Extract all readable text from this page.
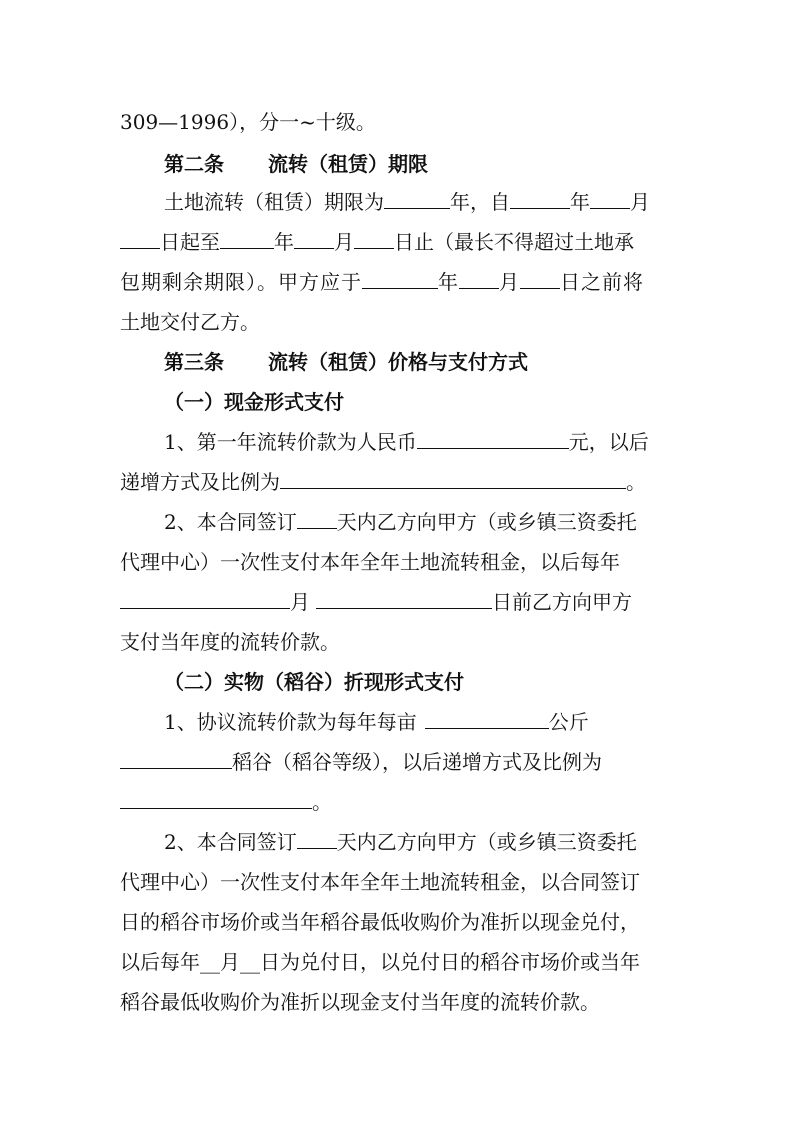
309—1996），分一~十级。
第二条 流转（租赁）期限
土地流转（租赁）期限为	年，自	年 月
日起至	年 月 日止（最长不得超过土地承
包期剩余期限）。甲方应于	年 月 日之前将
土地交付乙方。
第三条 流转（租赁）价格与支付方式
（一）现金形式支付
1、第一年流转价款为人民币	元，以后
递增方式及比例为	。
2、本合同签订 天内乙方向甲方（或乡镇三资委托
代理中心）一次性支付本年全年土地流转租金，以后每年
月	日前乙方向甲方
支付当年度的流转价款。
（二）实物（稻谷）折现形式支付
1、协议流转价款为每年每亩	公斤
稻谷（稻谷等级），以后递增方式及比例为
。
2、本合同签订 天内乙方向甲方（或乡镇三资委托
代理中心）一次性支付本年全年土地流转租金，以合同签订
日的稻谷市场价或当年稻谷最低收购价为准折以现金兑付，
以后每年__月__日为兑付日，以兑付日的稻谷市场价或当年
稻谷最低收购价为准折以现金支付当年度的流转价款。
